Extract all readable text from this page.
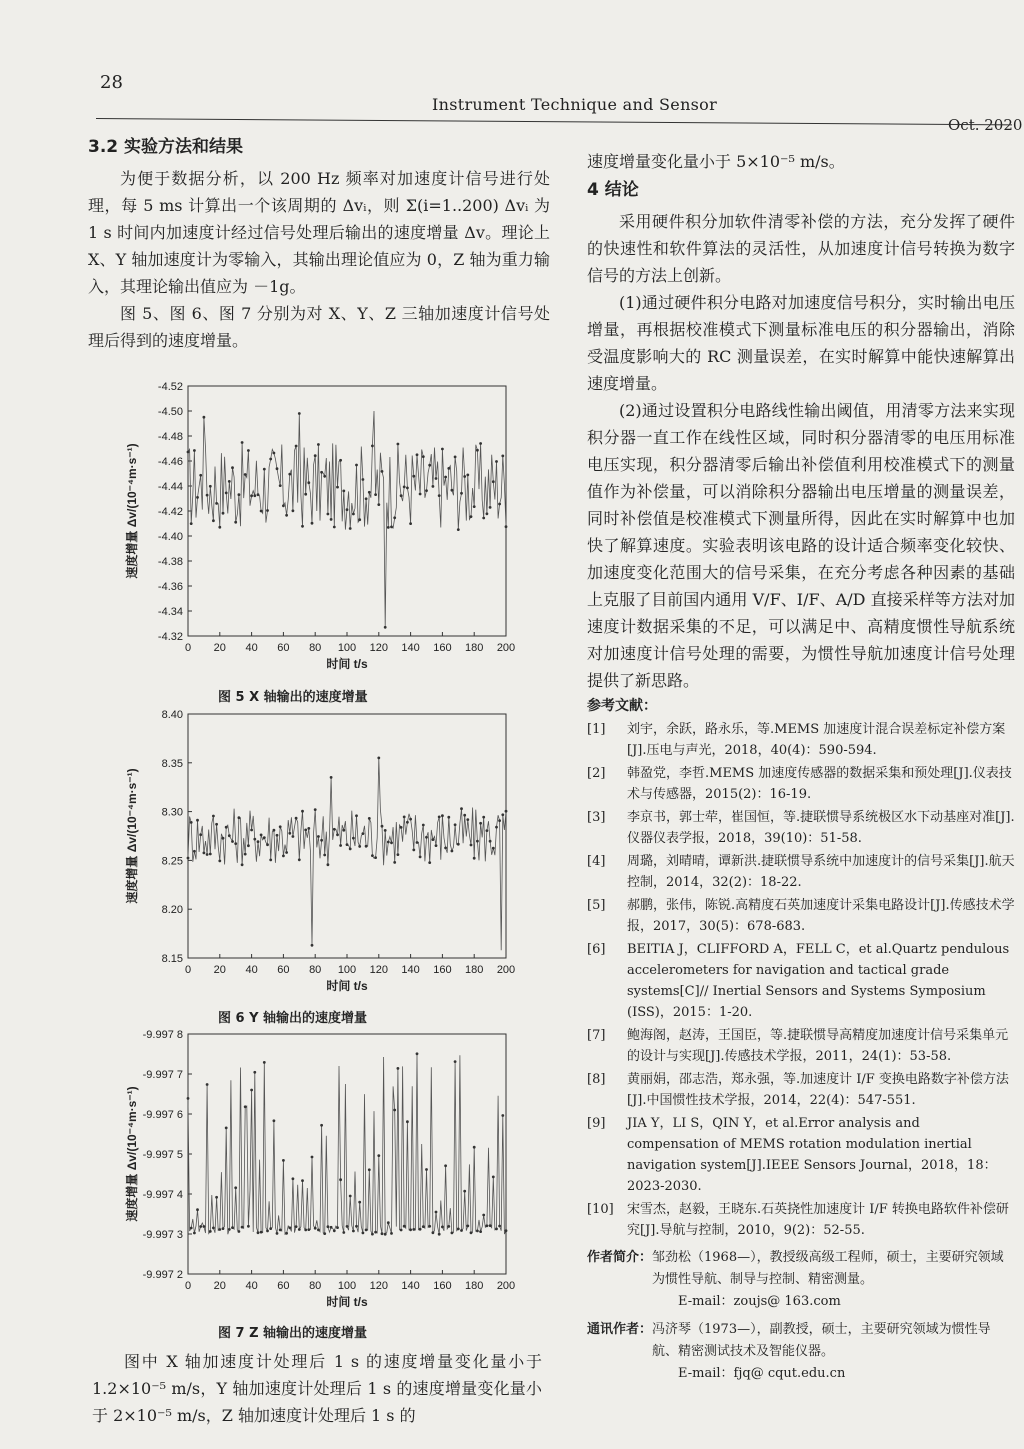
28
Instrument Technique and Sensor
Oct. 2020
3.2 实验方法和结果

为便于数据分析，以 200 Hz 频率对加速度计信号进行处理，每 5 ms 计算出一个该周期的 Δvᵢ，则 Σ(i=1..200) Δvᵢ 为 1 s 时间内加速度计经过信号处理后输出的速度增量 Δv。理论上 X、Y 轴加速度计为零输入，其输出理论值应为 0，Z 轴为重力输入，其理论输出值应为 －1g。

图 5、图 6、图 7 分别为对 X、Y、Z 三轴加速度计信号处理后得到的速度增量。

-4.32
-4.34
-4.36
-4.38
-4.40
-4.42
-4.44
-4.46
-4.48
-4.50
-4.52
0 20 40 60 80 100 120 140 160 180 200
时间 t/s
速度增量 Δv/(10⁻⁴m·s⁻¹)
图 5 X 轴输出的速度增量
8.15
8.20
8.25
8.30
8.35
8.40
0 20 40 60 80 100 120 140 160 180 200
时间 t/s
速度增量 Δv/(10⁻⁴m·s⁻¹)
图 6 Y 轴输出的速度增量
-9.997 2
-9.997 3
-9.997 4
-9.997 5
-9.997 6
-9.997 7
-9.997 8
0 20 40 60 80 100 120 140 160 180 200
时间 t/s
速度增量 Δv/(10⁻⁴m·s⁻¹)
图 7 Z 轴输出的速度增量

图中 X 轴加速度计处理后 1 s 的速度增量变化量小于 1.2×10⁻⁵ m/s，Y 轴加速度计处理后 1 s 的速度增量变化量小于 2×10⁻⁵ m/s，Z 轴加速度计处理后 1 s 的

速度增量变化量小于 5×10⁻⁵ m/s。

4 结论

采用硬件积分加软件清零补偿的方法，充分发挥了硬件的快速性和软件算法的灵活性，从加速度计信号转换为数字信号的方法上创新。

(1)通过硬件积分电路对加速度信号积分，实时输出电压增量，再根据校准模式下测量标准电压的积分器输出，消除受温度影响大的 RC 测量误差，在实时解算中能快速解算出速度增量。

(2)通过设置积分电路线性输出阈值，用清零方法来实现积分器一直工作在线性区域，同时积分器清零的电压用标准电压实现，积分器清零后输出补偿值利用校准模式下的测量值作为补偿量，可以消除积分器输出电压增量的测量误差，同时补偿值是校准模式下测量所得，因此在实时解算中也加快了解算速度。实验表明该电路的设计适合频率变化较快、加速度变化范围大的信号采集，在充分考虑各种因素的基础上克服了目前国内通用 V/F、I/F、A/D 直接采样等方法对加速度计数据采集的不足，可以满足中、高精度惯性导航系统对加速度计信号处理的需要，为惯性导航加速度计信号处理提供了新思路。

参考文献：
[1]	刘宇，余跃，路永乐，等.MEMS 加速度计混合误差标定补偿方案[J].压电与声光，2018，40(4)：590-594.
[2]	韩盈党，李哲.MEMS 加速度传感器的数据采集和预处理[J].仪表技术与传感器，2015(2)：16-19.
[3]	李京书，郭士荦，崔国恒，等.捷联惯导系统极区水下动基座对准[J].仪器仪表学报，2018，39(10)：51-58.
[4]	周璐，刘晴晴，谭新洪.捷联惯导系统中加速度计的信号采集[J].航天控制，2014，32(2)：18-22.
[5]	郝鹏，张伟，陈锐.高精度石英加速度计采集电路设计[J].传感技术学报，2017，30(5)：678-683.
[6]	BEITIA J，CLIFFORD A，FELL C，et al.Quartz pendulous accelerometers for navigation and tactical grade systems[C]// Inertial Sensors and Systems Symposium (ISS)，2015：1-20.
[7]	鲍海阁，赵涛，王国臣，等.捷联惯导高精度加速度计信号采集单元的设计与实现[J].传感技术学报，2011，24(1)：53-58.
[8]	黄丽娟，邵志浩，郑永强，等.加速度计 I/F 变换电路数字补偿方法[J].中国惯性技术学报，2014，22(4)：547-551.
[9]	JIA Y，LI S，QIN Y，et al.Error analysis and compensation of MEMS rotation modulation inertial navigation system[J].IEEE Sensors Journal，2018，18：2023-2030.
[10]	宋雪杰，赵毅，王晓东.石英挠性加速度计 I/F 转换电路软件补偿研究[J].导航与控制，2010，9(2)：52-55.
作者简介： 邹劲松（1968—），教授级高级工程师，硕士，主要研究领域为惯性导航、制导与控制、精密测量。
E-mail：zoujs@ 163.com
通讯作者： 冯济琴（1973—），副教授，硕士，主要研究领域为惯性导航、精密测试技术及智能仪器。
E-mail：fjq@ cqut.edu.cn
